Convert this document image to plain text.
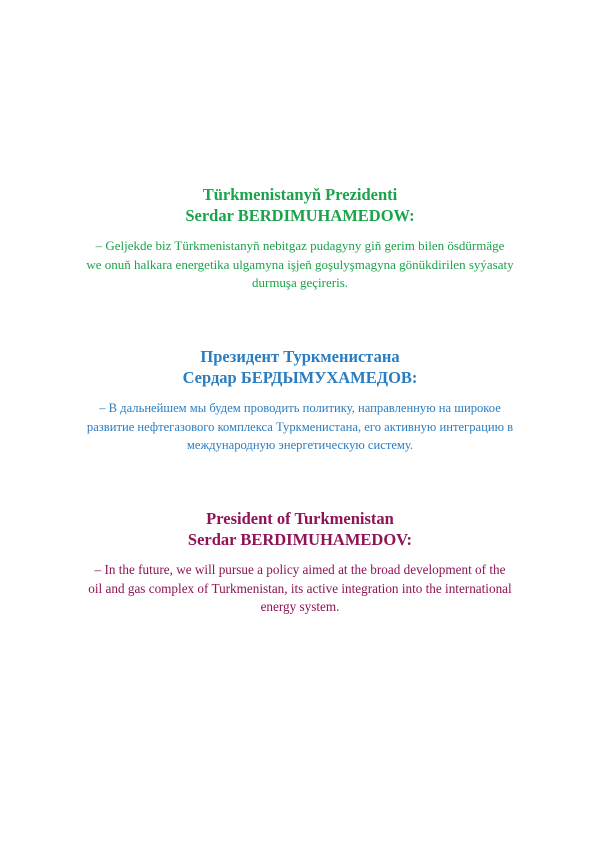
Türkmenistanyň Prezidenti
Serdar BERDIMUHAMEDOW:

– Geljekde biz Türkmenistanyň nebitgaz pudagyny giň gerim bilen ösdürmäge
we onuň halkara energetika ulgamyna işjeň goşulyşmagyna gönükdirilen syýasaty
durmuşa geçireris.

Президент Туркменистана
Сердар БЕРДЫМУХАМЕДОВ:

– В дальнейшем мы будем проводить политику, направленную на широкое
развитие нефтегазового комплекса Туркменистана, его активную интеграцию в
международную энергетическую систему.

President of Turkmenistan
Serdar BERDIMUHAMEDOV:

– In the future, we will pursue a policy aimed at the broad development of the
oil and gas complex of Turkmenistan, its active integration into the international
energy system.
